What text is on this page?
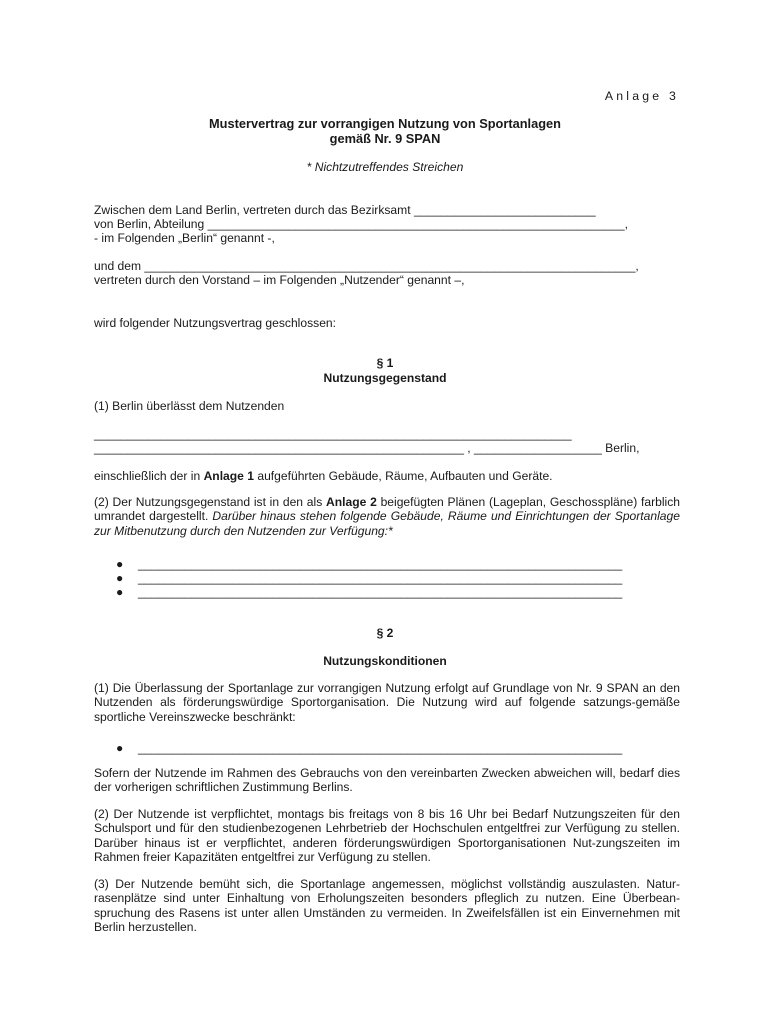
Anlage 3
Mustervertrag zur vorrangigen Nutzung von Sportanlagen
gemäß Nr. 9 SPAN
* Nichtzutreffendes Streichen
Zwischen dem Land Berlin, vertreten durch das Bezirksamt ___________________________
von Berlin, Abteilung ______________________________________________________________,
- im Folgenden „Berlin“ genannt -,
und dem _________________________________________________________________________,
vertreten durch den Vorstand – im Folgenden „Nutzender“ genannt –,
wird folgender Nutzungsvertrag geschlossen:
§ 1
Nutzungsgegenstand
(1) Berlin überlässt dem Nutzenden
_______________________________________________________________________
_______________________________________________________ , ___________________ Berlin,
einschließlich der in Anlage 1 aufgeführten Gebäude, Räume, Aufbauten und Geräte.
(2) Der Nutzungsgegenstand ist in den als Anlage 2 beigefügten Plänen (Lageplan, Geschosspläne) farblich umrandet dargestellt. Darüber hinaus stehen folgende Gebäude, Räume und Einrichtungen der Sportanlage zur Mitbenutzung durch den Nutzenden zur Verfügung:*
● ________________________________________________________________________
● ________________________________________________________________________
● ________________________________________________________________________
§ 2
Nutzungskonditionen
(1) Die Überlassung der Sportanlage zur vorrangigen Nutzung erfolgt auf Grundlage von Nr. 9 SPAN an den Nutzenden als förderungswürdige Sportorganisation. Die Nutzung wird auf folgende satzungs-gemäße sportliche Vereinszwecke beschränkt:
● ________________________________________________________________________
Sofern der Nutzende im Rahmen des Gebrauchs von den vereinbarten Zwecken abweichen will, bedarf dies der vorherigen schriftlichen Zustimmung Berlins.
(2) Der Nutzende ist verpflichtet, montags bis freitags von 8 bis 16 Uhr bei Bedarf Nutzungszeiten für den Schulsport und für den studienbezogenen Lehrbetrieb der Hochschulen entgeltfrei zur Verfügung zu stellen. Darüber hinaus ist er verpflichtet, anderen förderungswürdigen Sportorganisationen Nut-zungszeiten im Rahmen freier Kapazitäten entgeltfrei zur Verfügung zu stellen.
(3) Der Nutzende bemüht sich, die Sportanlage angemessen, möglichst vollständig auszulasten. Natur-rasenplätze sind unter Einhaltung von Erholungszeiten besonders pfleglich zu nutzen. Eine Überbean-spruchung des Rasens ist unter allen Umständen zu vermeiden. In Zweifelsfällen ist ein Einvernehmen mit Berlin herzustellen.
